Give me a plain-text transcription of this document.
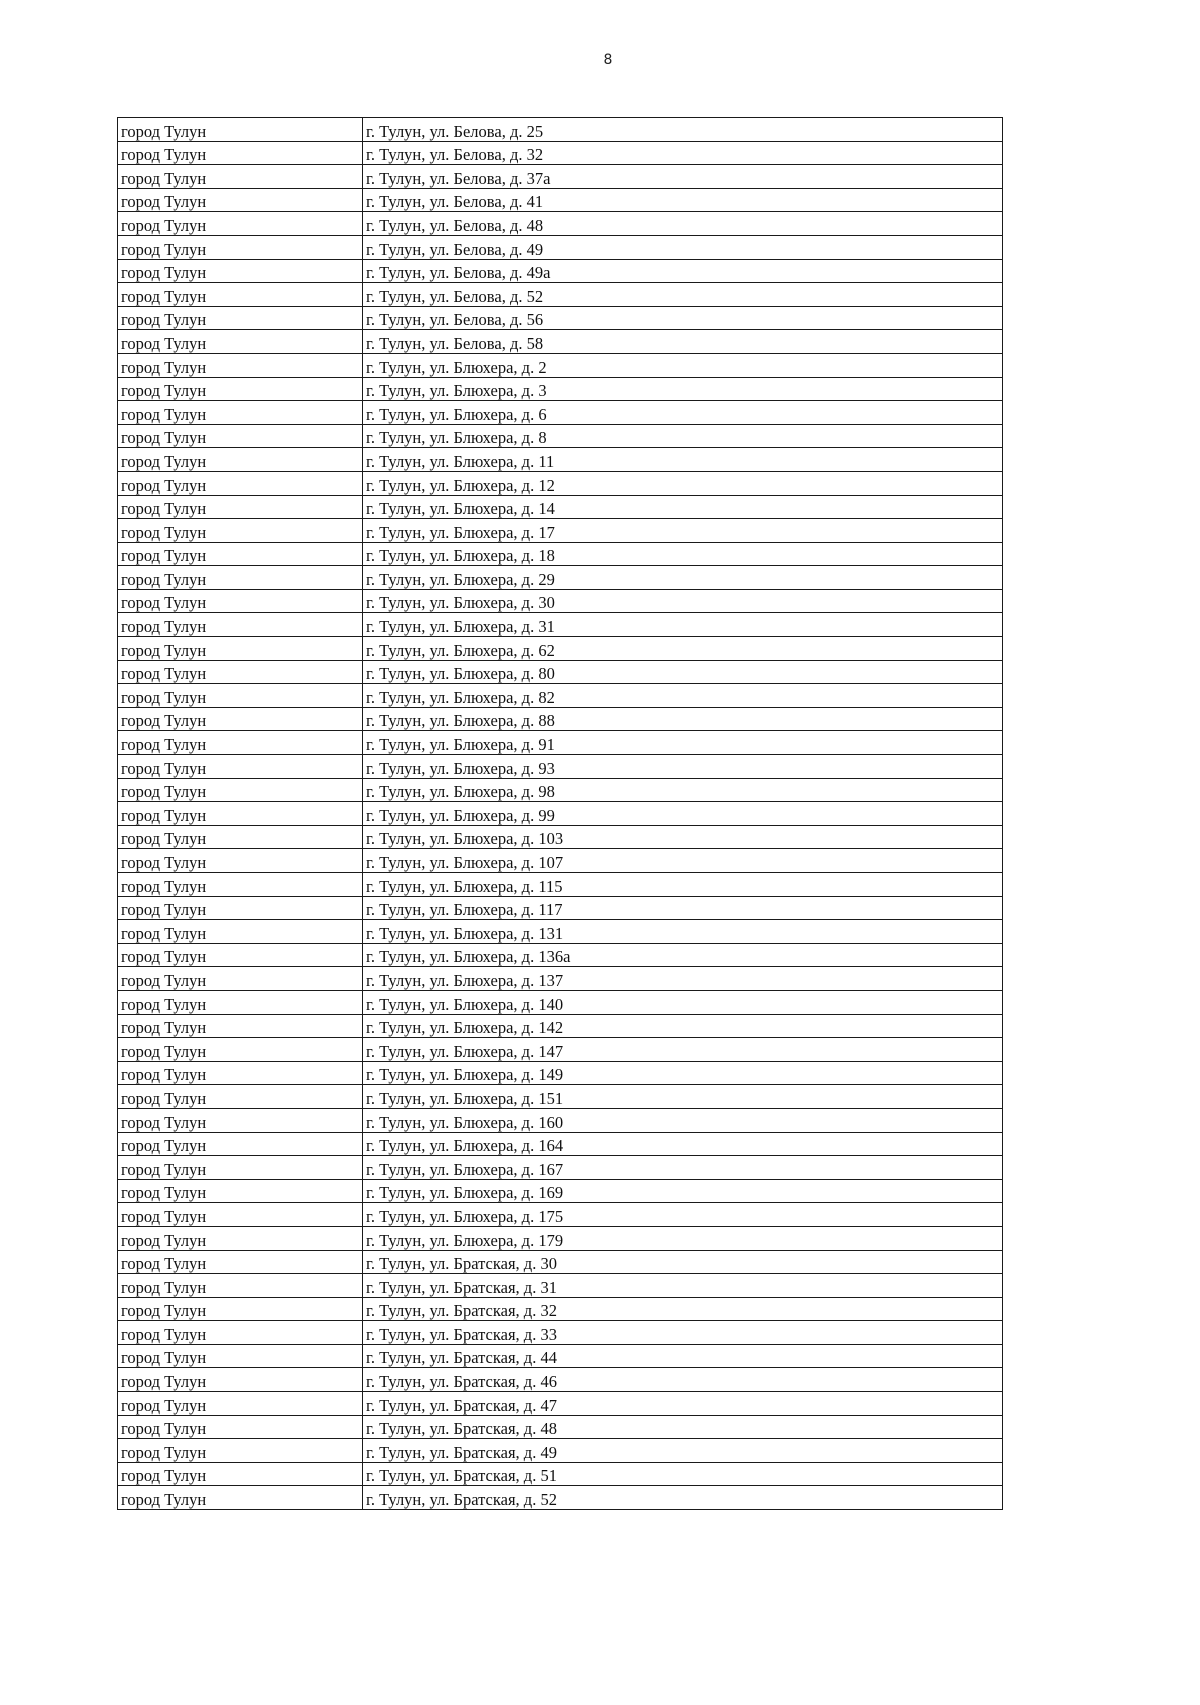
8
город Тулун	г. Тулун, ул. Белова, д. 25
город Тулун	г. Тулун, ул. Белова, д. 32
город Тулун	г. Тулун, ул. Белова, д. 37а
город Тулун	г. Тулун, ул. Белова, д. 41
город Тулун	г. Тулун, ул. Белова, д. 48
город Тулун	г. Тулун, ул. Белова, д. 49
город Тулун	г. Тулун, ул. Белова, д. 49а
город Тулун	г. Тулун, ул. Белова, д. 52
город Тулун	г. Тулун, ул. Белова, д. 56
город Тулун	г. Тулун, ул. Белова, д. 58
город Тулун	г. Тулун, ул. Блюхера, д. 2
город Тулун	г. Тулун, ул. Блюхера, д. 3
город Тулун	г. Тулун, ул. Блюхера, д. 6
город Тулун	г. Тулун, ул. Блюхера, д. 8
город Тулун	г. Тулун, ул. Блюхера, д. 11
город Тулун	г. Тулун, ул. Блюхера, д. 12
город Тулун	г. Тулун, ул. Блюхера, д. 14
город Тулун	г. Тулун, ул. Блюхера, д. 17
город Тулун	г. Тулун, ул. Блюхера, д. 18
город Тулун	г. Тулун, ул. Блюхера, д. 29
город Тулун	г. Тулун, ул. Блюхера, д. 30
город Тулун	г. Тулун, ул. Блюхера, д. 31
город Тулун	г. Тулун, ул. Блюхера, д. 62
город Тулун	г. Тулун, ул. Блюхера, д. 80
город Тулун	г. Тулун, ул. Блюхера, д. 82
город Тулун	г. Тулун, ул. Блюхера, д. 88
город Тулун	г. Тулун, ул. Блюхера, д. 91
город Тулун	г. Тулун, ул. Блюхера, д. 93
город Тулун	г. Тулун, ул. Блюхера, д. 98
город Тулун	г. Тулун, ул. Блюхера, д. 99
город Тулун	г. Тулун, ул. Блюхера, д. 103
город Тулун	г. Тулун, ул. Блюхера, д. 107
город Тулун	г. Тулун, ул. Блюхера, д. 115
город Тулун	г. Тулун, ул. Блюхера, д. 117
город Тулун	г. Тулун, ул. Блюхера, д. 131
город Тулун	г. Тулун, ул. Блюхера, д. 136а
город Тулун	г. Тулун, ул. Блюхера, д. 137
город Тулун	г. Тулун, ул. Блюхера, д. 140
город Тулун	г. Тулун, ул. Блюхера, д. 142
город Тулун	г. Тулун, ул. Блюхера, д. 147
город Тулун	г. Тулун, ул. Блюхера, д. 149
город Тулун	г. Тулун, ул. Блюхера, д. 151
город Тулун	г. Тулун, ул. Блюхера, д. 160
город Тулун	г. Тулун, ул. Блюхера, д. 164
город Тулун	г. Тулун, ул. Блюхера, д. 167
город Тулун	г. Тулун, ул. Блюхера, д. 169
город Тулун	г. Тулун, ул. Блюхера, д. 175
город Тулун	г. Тулун, ул. Блюхера, д. 179
город Тулун	г. Тулун, ул. Братская, д. 30
город Тулун	г. Тулун, ул. Братская, д. 31
город Тулун	г. Тулун, ул. Братская, д. 32
город Тулун	г. Тулун, ул. Братская, д. 33
город Тулун	г. Тулун, ул. Братская, д. 44
город Тулун	г. Тулун, ул. Братская, д. 46
город Тулун	г. Тулун, ул. Братская, д. 47
город Тулун	г. Тулун, ул. Братская, д. 48
город Тулун	г. Тулун, ул. Братская, д. 49
город Тулун	г. Тулун, ул. Братская, д. 51
город Тулун	г. Тулун, ул. Братская, д. 52
